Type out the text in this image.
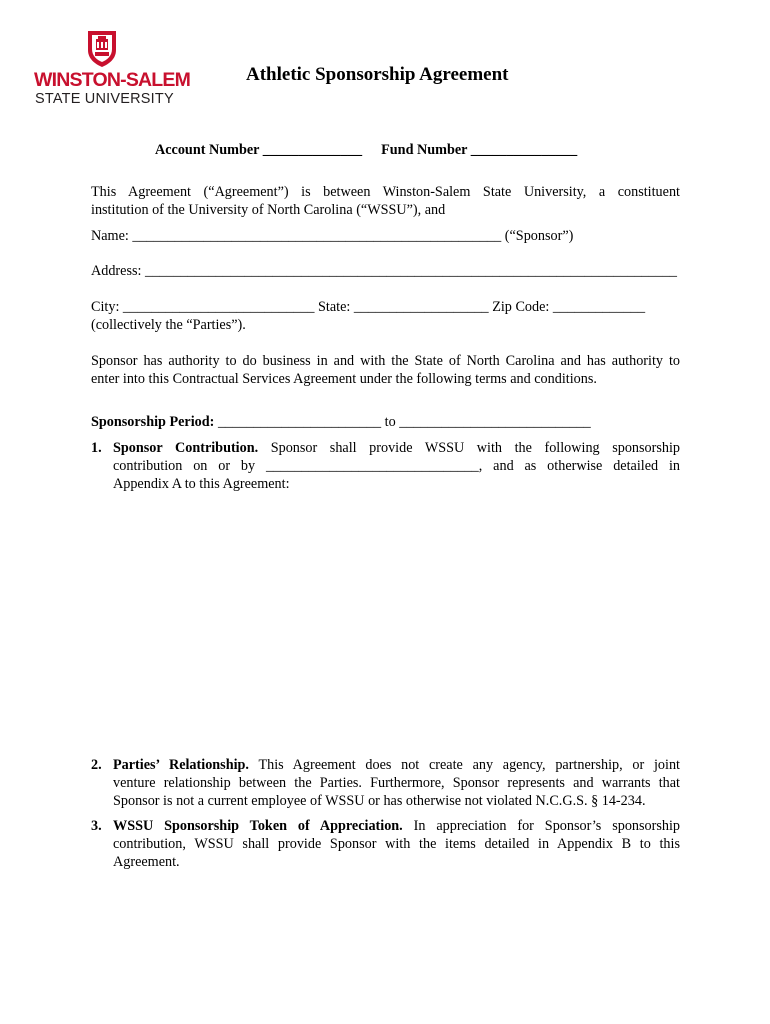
WINSTON-SALEM
STATE UNIVERSITY
Athletic Sponsorship Agreement
Account Number ______________ Fund Number _______________
This Agreement (“Agreement”) is between Winston-Salem State University, a constituent
institution of the University of North Carolina (“WSSU”), and
Name: ____________________________________________________ (“Sponsor”)
Address: ___________________________________________________________________________
City: ___________________________ State: ___________________ Zip Code: _____________
(collectively the “Parties”).
Sponsor has authority to do business in and with the State of North Carolina and has authority to
enter into this Contractual Services Agreement under the following terms and conditions.
Sponsorship Period: _______________________ to ___________________________
1. Sponsor Contribution. Sponsor shall provide WSSU with the following sponsorship
contribution on or by ______________________________, and as otherwise detailed in
Appendix A to this Agreement:
2. Parties’ Relationship. This Agreement does not create any agency, partnership, or joint
venture relationship between the Parties. Furthermore, Sponsor represents and warrants that
Sponsor is not a current employee of WSSU or has otherwise not violated N.C.G.S. § 14-234.
3. WSSU Sponsorship Token of Appreciation. In appreciation for Sponsor’s sponsorship
contribution, WSSU shall provide Sponsor with the items detailed in Appendix B to this
Agreement.
